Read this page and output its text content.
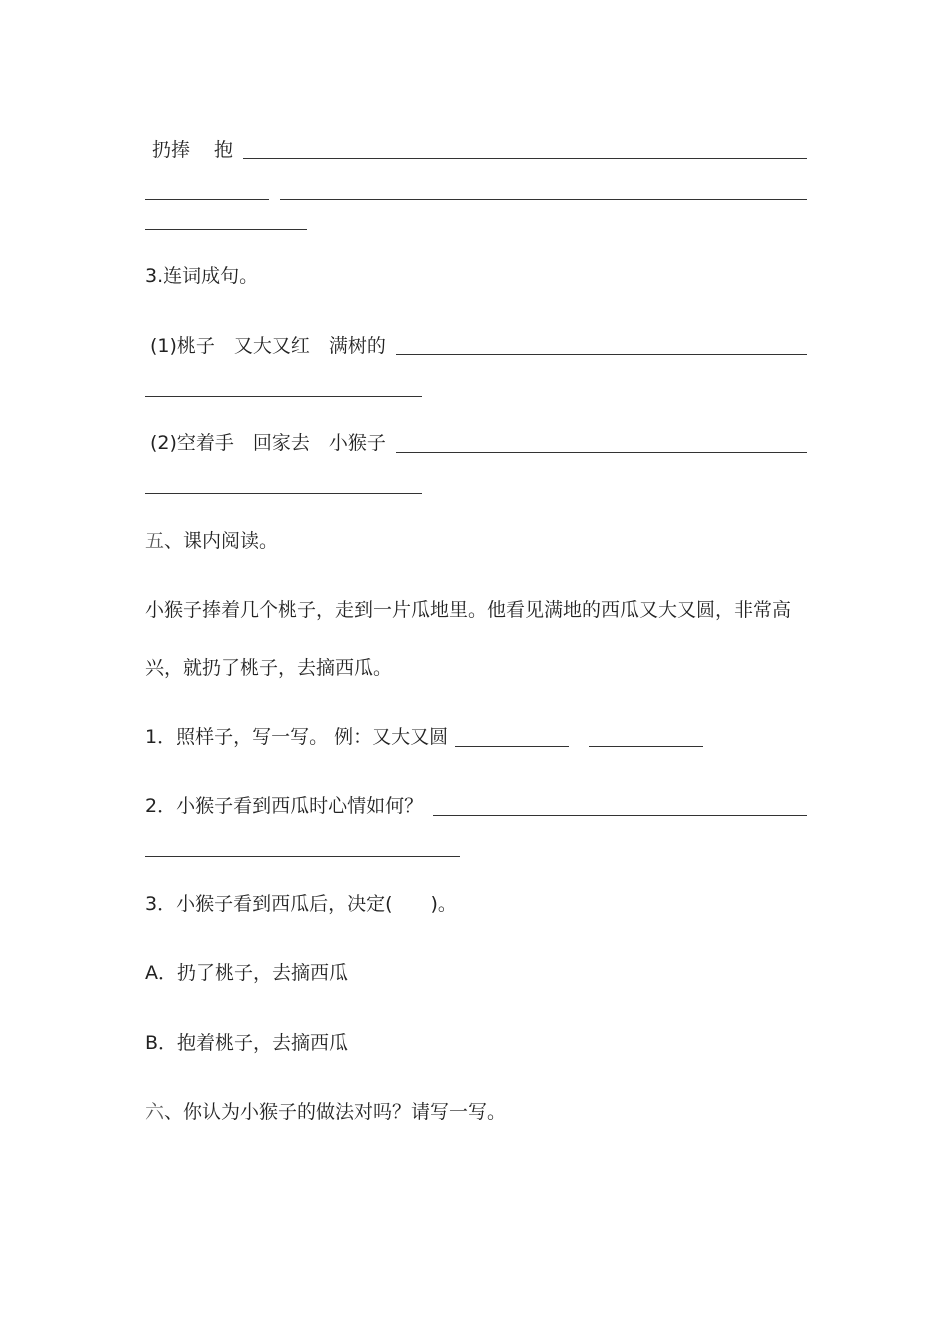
扔捧 抱
3.连词成句。
(1)桃子　又大又红　满树的
(2)空着手　回家去　小猴子
五、课内阅读。
小猴子捧着几个桃子，走到一片瓜地里。他看见满地的西瓜又大又圆，非常高
兴，就扔了桃子，去摘西瓜。
1．照样子，写一写。 例：又大又圆
2．小猴子看到西瓜时心情如何？
3．小猴子看到西瓜后，决定(　　)。
A．扔了桃子，去摘西瓜
B．抱着桃子，去摘西瓜
六、你认为小猴子的做法对吗？请写一写。
